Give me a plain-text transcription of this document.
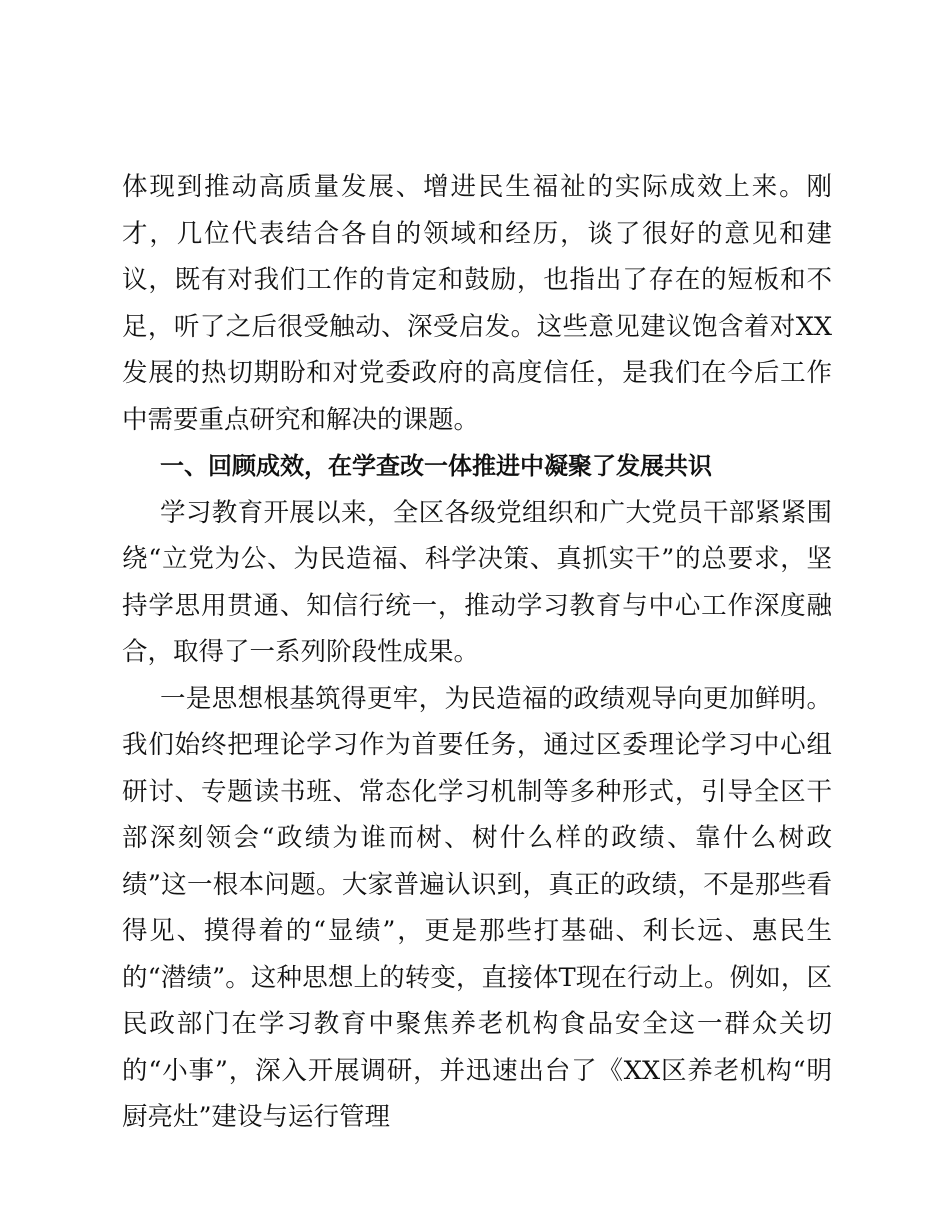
体现到推动高质量发展、增进民生福祉的实际成效上来。刚才，几位代表结合各自的领域和经历，谈了很好的意见和建议，既有对我们工作的肯定和鼓励，也指出了存在的短板和不足，听了之后很受触动、深受启发。这些意见建议饱含着对XX发展的热切期盼和对党委政府的高度信任，是我们在今后工作中需要重点研究和解决的课题。

一、回顾成效，在学查改一体推进中凝聚了发展共识

学习教育开展以来，全区各级党组织和广大党员干部紧紧围绕“立党为公、为民造福、科学决策、真抓实干”的总要求，坚持学思用贯通、知信行统一，推动学习教育与中心工作深度融合，取得了一系列阶段性成果。

一是思想根基筑得更牢，为民造福的政绩观导向更加鲜明。我们始终把理论学习作为首要任务，通过区委理论学习中心组研讨、专题读书班、常态化学习机制等多种形式，引导全区干部深刻领会“政绩为谁而树、树什么样的政绩、靠什么树政绩”这一根本问题。大家普遍认识到，真正的政绩，不是那些看得见、摸得着的“显绩”，更是那些打基础、利长远、惠民生的“潜绩”。这种思想上的转变，直接体T现在行动上。例如，区民政部门在学习教育中聚焦养老机构食品安全这一群众关切的“小事”，深入开展调研，并迅速出台了《XX区养老机构“明厨亮灶”建设与运行管理
